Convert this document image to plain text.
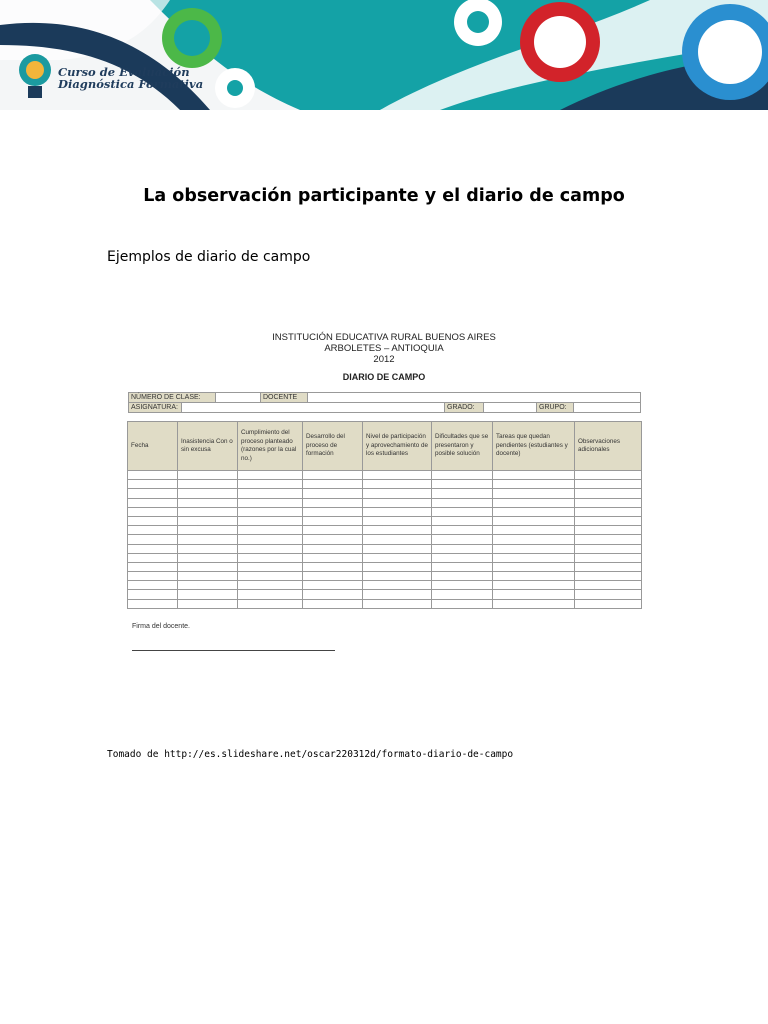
Curso de Evaluación
Diagnóstica Formativa
La observación participante y el diario de campo
Ejemplos de diario de campo
INSTITUCIÓN EDUCATIVA RURAL BUENOS AIRES
ARBOLETES – ANTIOQUIA
2012
DIARIO DE CAMPO
NÚMERO DE CLASE:		DOCENTE	
ASIGNATURA:		GRADO:		GRUPO:	
Fecha	Inasistencia Con o sin excusa	Cumplimiento del proceso planteado (razones por la cual no.)	Desarrollo del proceso de formación	Nivel de participación y aprovechamiento de los estudiantes	Dificultades que se presentaron y posible solución	Tareas que quedan pendientes (estudiantes y docente)	Observaciones adicionales

Firma del docente.
Tomado de http://es.slideshare.net/oscar220312d/formato-diario-de-campo
